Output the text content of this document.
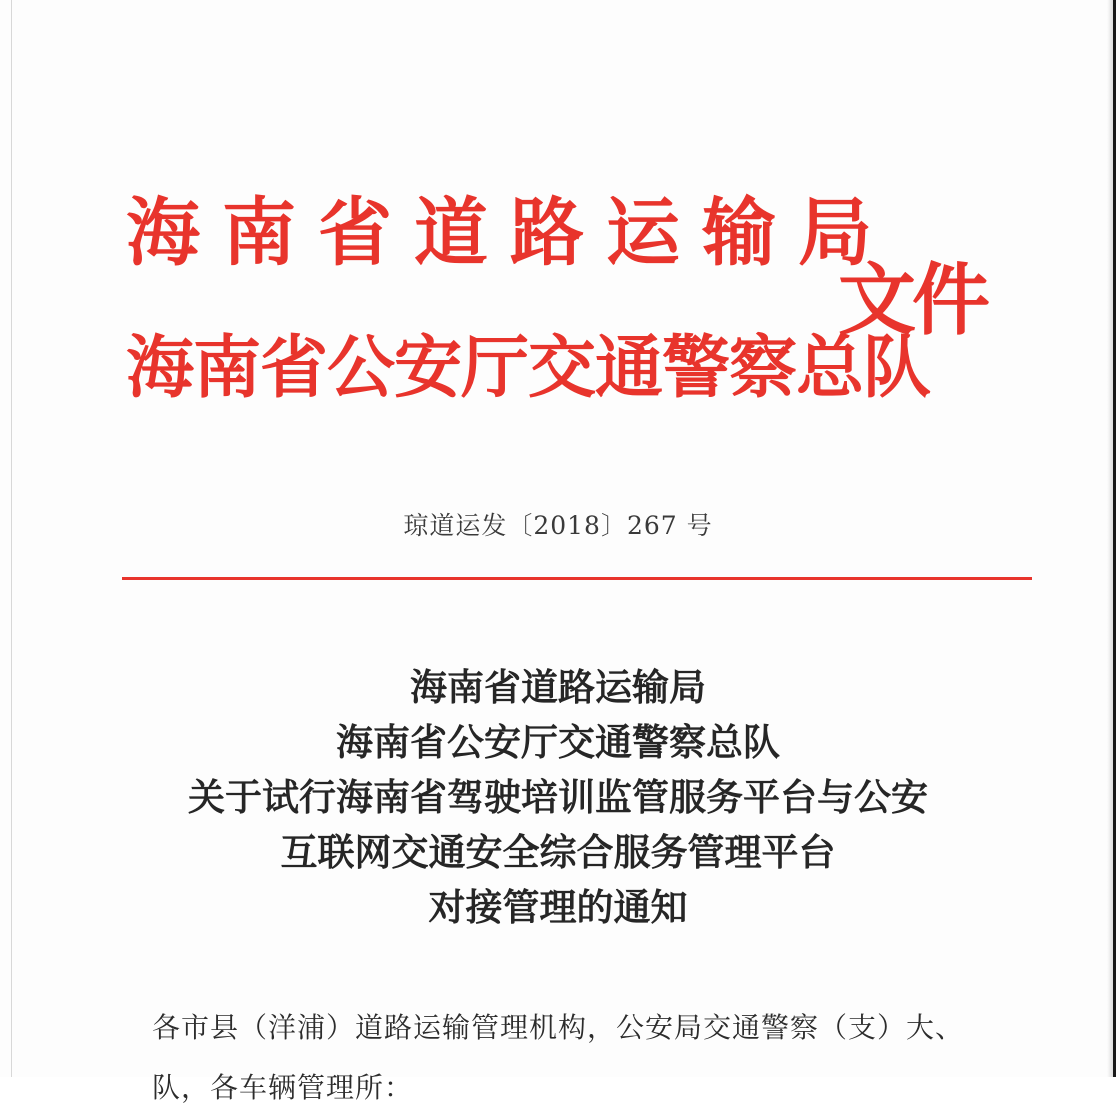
海南省道路运输局
海南省公安厅交通警察总队
文件
琼道运发〔2018〕267 号
海南省道路运输局
海南省公安厅交通警察总队
关于试行海南省驾驶培训监管服务平台与公安
互联网交通安全综合服务管理平台
对接管理的通知
各市县（洋浦）道路运输管理机构，公安局交通警察（支）大、
队，各车辆管理所：
